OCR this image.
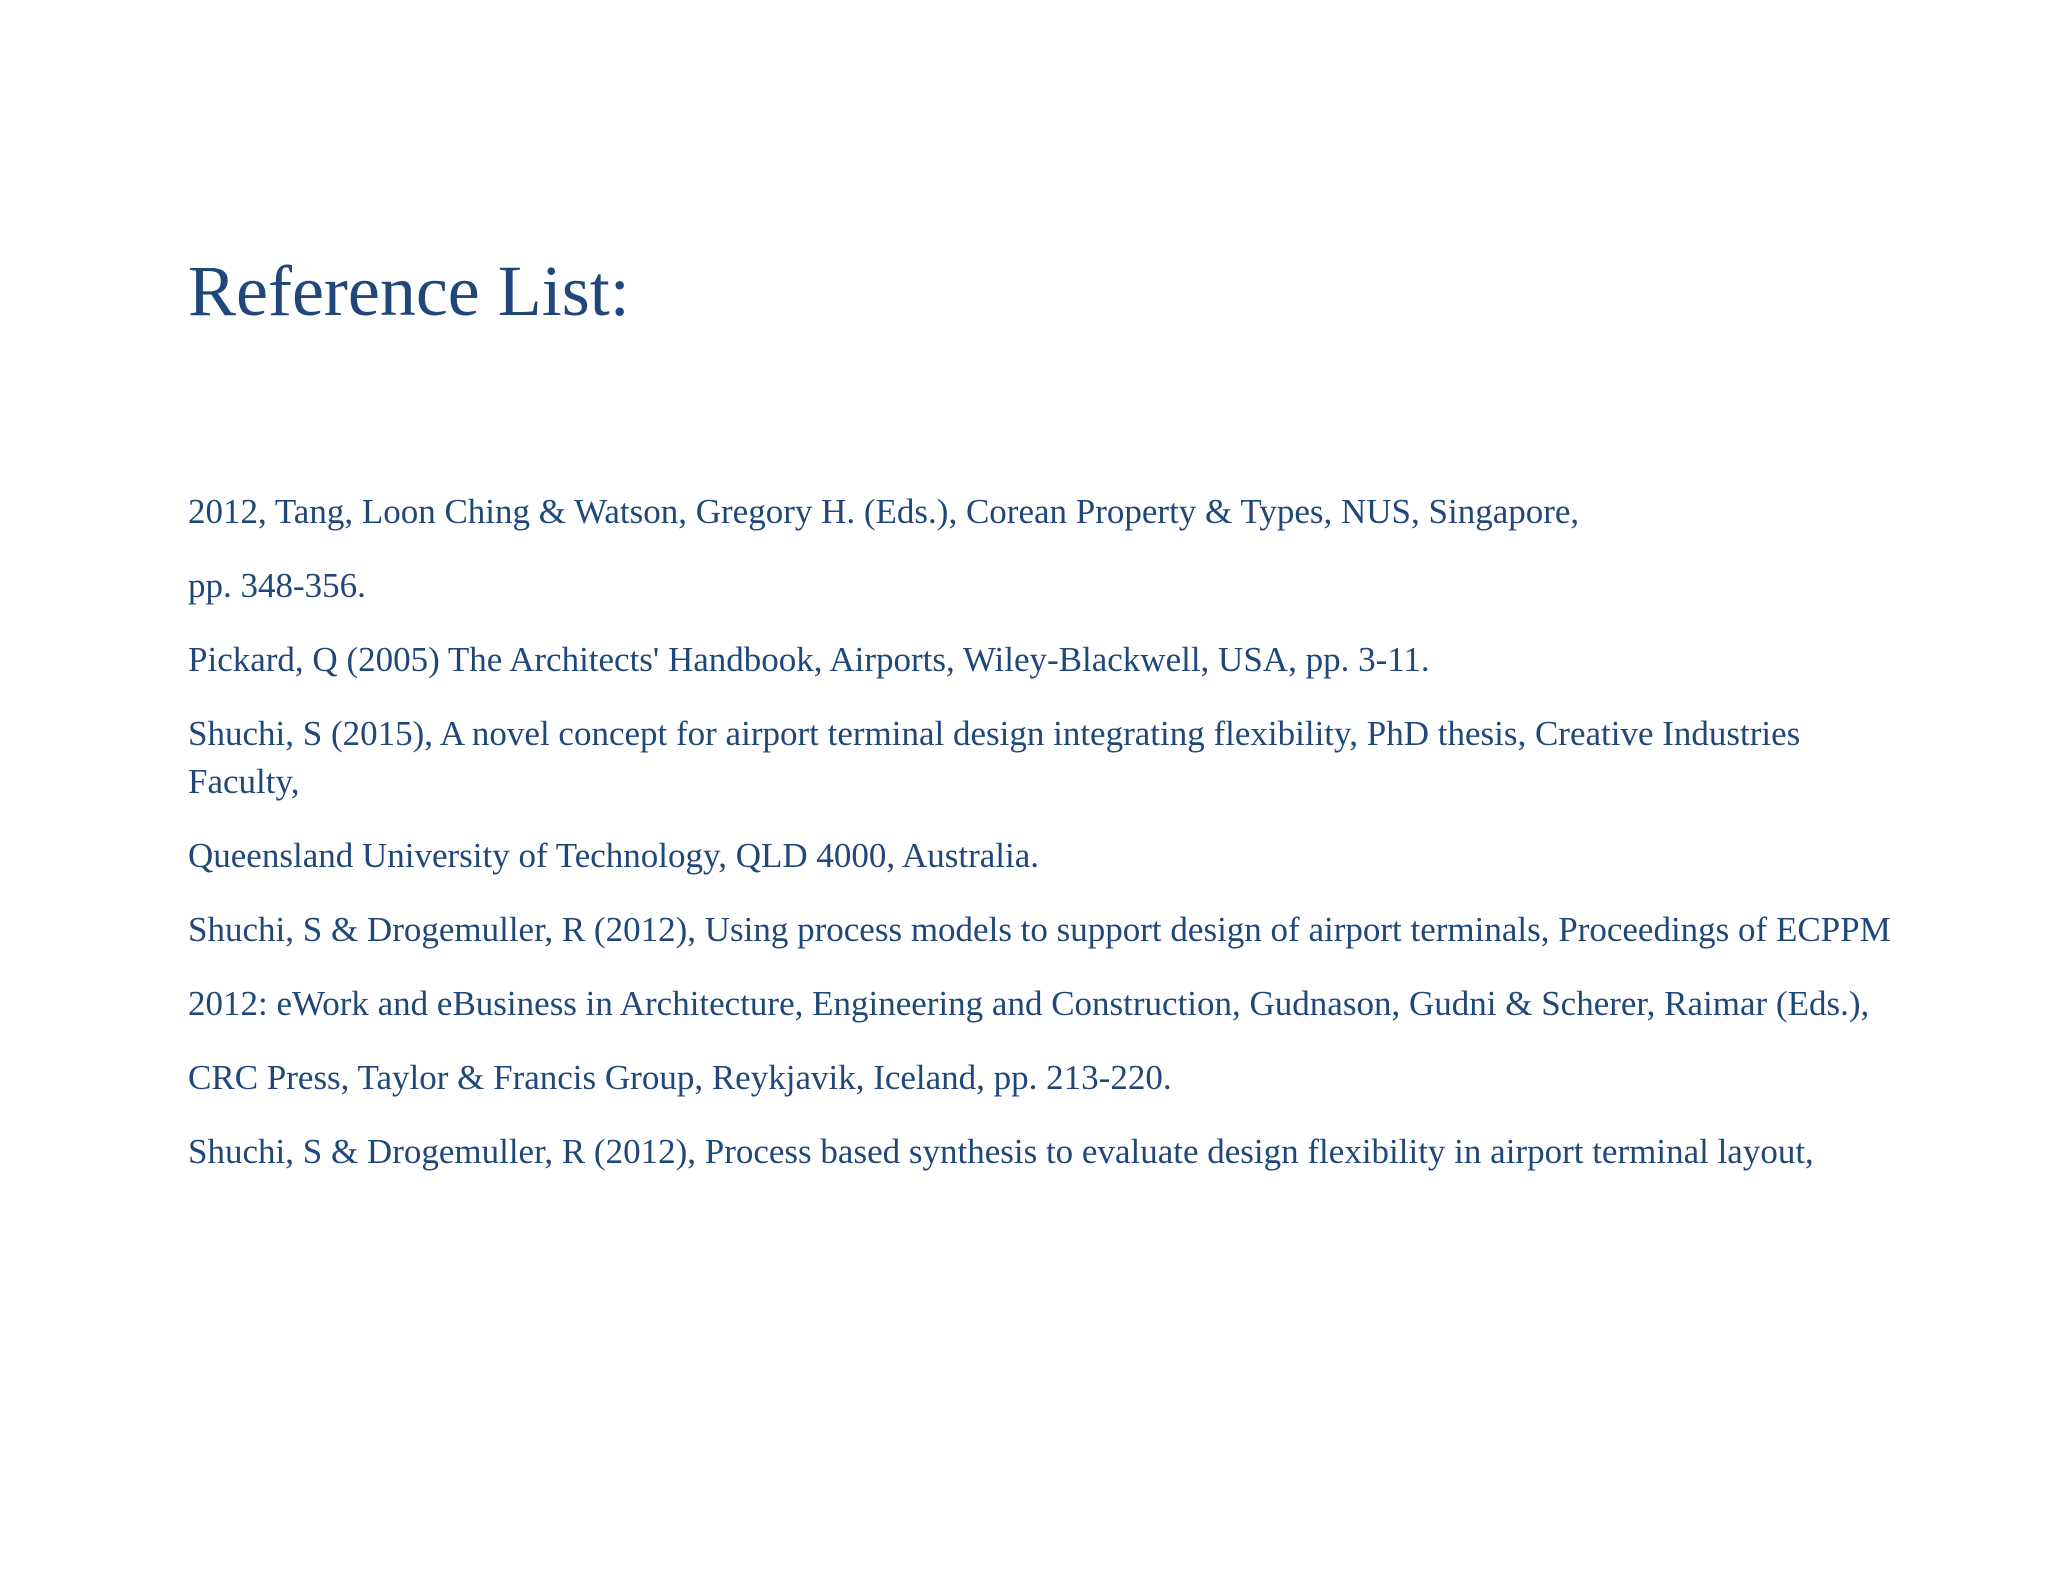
Reference List:

2012, Tang, Loon Ching & Watson, Gregory H. (Eds.), Corean Property & Types, NUS, Singapore,

pp. 348-356.

Pickard, Q (2005) The Architects' Handbook, Airports, Wiley-Blackwell, USA, pp. 3-11.

Shuchi, S (2015), A novel concept for airport terminal design integrating flexibility, PhD thesis, Creative Industries Faculty,

Queensland University of Technology, QLD 4000, Australia.

Shuchi, S & Drogemuller, R (2012), Using process models to support design of airport terminals, Proceedings of ECPPM

2012: eWork and eBusiness in Architecture, Engineering and Construction, Gudnason, Gudni & Scherer, Raimar (Eds.),

CRC Press, Taylor & Francis Group, Reykjavik, Iceland, pp. 213-220.

Shuchi, S & Drogemuller, R (2012), Process based synthesis to evaluate design flexibility in airport terminal layout,
